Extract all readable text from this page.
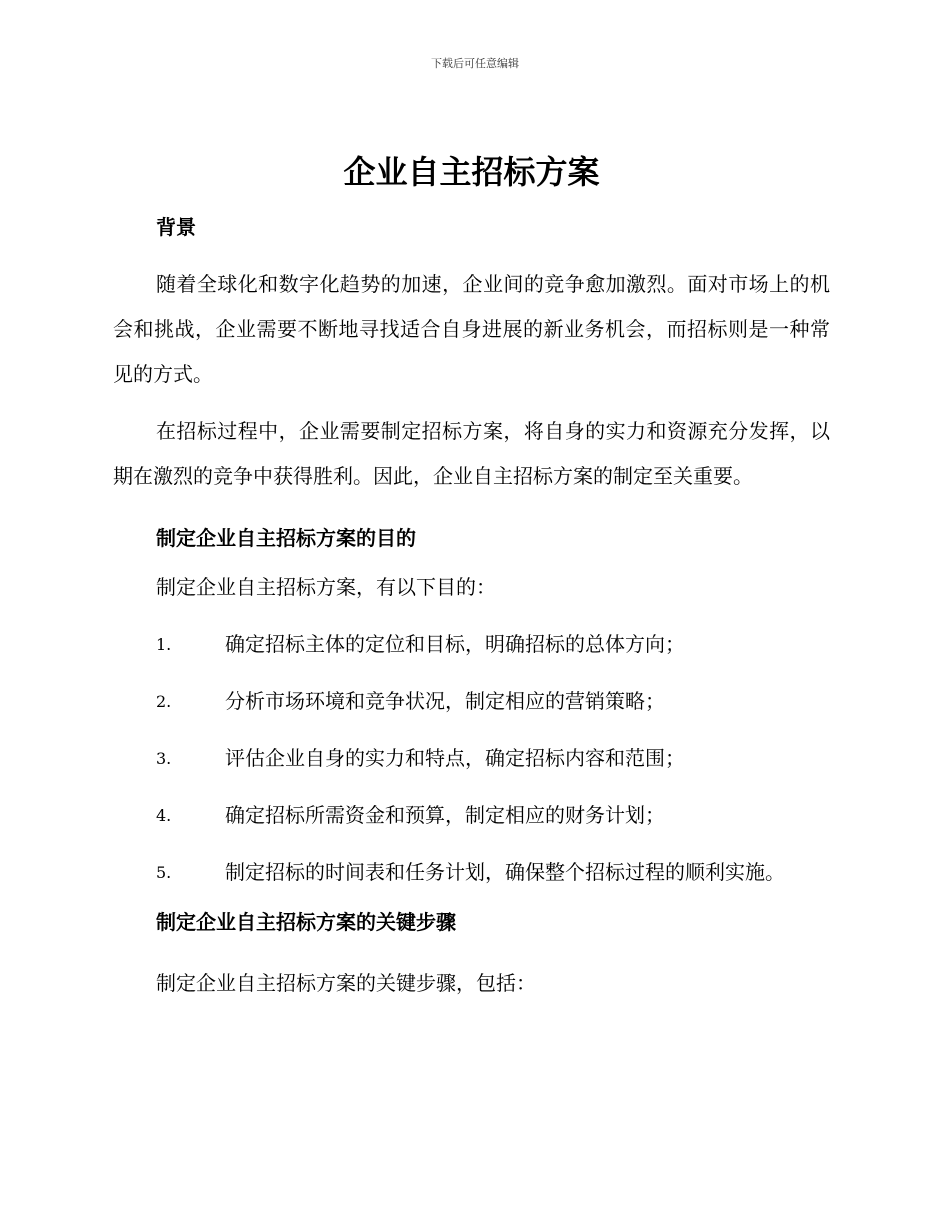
下载后可任意编辑
企业自主招标方案
背景

随着全球化和数字化趋势的加速，企业间的竞争愈加激烈。面对市场上的机会和挑战，企业需要不断地寻找适合自身进展的新业务机会，而招标则是一种常见的方式。

在招标过程中，企业需要制定招标方案，将自身的实力和资源充分发挥，以期在激烈的竞争中获得胜利。因此，企业自主招标方案的制定至关重要。

制定企业自主招标方案的目的

制定企业自主招标方案，有以下目的：

1.	确定招标主体的定位和目标，明确招标的总体方向；
2.	分析市场环境和竞争状况，制定相应的营销策略；
3.	评估企业自身的实力和特点，确定招标内容和范围；
4.	确定招标所需资金和预算，制定相应的财务计划；
5.	制定招标的时间表和任务计划，确保整个招标过程的顺利实施。
制定企业自主招标方案的关键步骤

制定企业自主招标方案的关键步骤，包括：
